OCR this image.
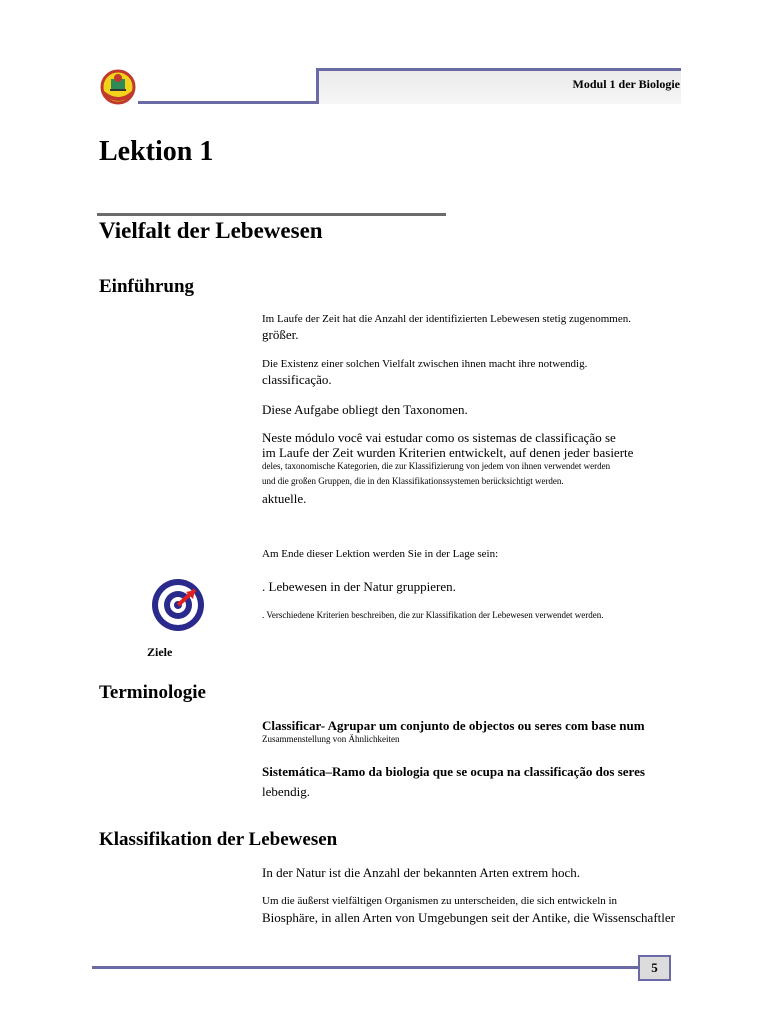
Modul 1 der Biologie
Lektion 1
Vielfalt der Lebewesen
Einführung
Im Laufe der Zeit hat die Anzahl der identifizierten Lebewesen stetig zugenommen.
größer.
Die Existenz einer solchen Vielfalt zwischen ihnen macht ihre notwendig.
classificação.
Diese Aufgabe obliegt den Taxonomen.
Neste módulo você vai estudar como os sistemas de classificação se
im Laufe der Zeit wurden Kriterien entwickelt, auf denen jeder basierte
deles, taxonomische Kategorien, die zur Klassifizierung von jedem von ihnen verwendet werden
und die großen Gruppen, die in den Klassifikationssystemen berücksichtigt werden.
aktuelle.
Am Ende dieser Lektion werden Sie in der Lage sein:
. Lebewesen in der Natur gruppieren.
. Verschiedene Kriterien beschreiben, die zur Klassifikation der Lebewesen verwendet werden.
Ziele
Terminologie
Classificar- Agrupar um conjunto de objectos ou seres com base num
Zusammenstellung von Ähnlichkeiten
Sistemática–Ramo da biologia que se ocupa na classificação dos seres
lebendig.
Klassifikation der Lebewesen
In der Natur ist die Anzahl der bekannten Arten extrem hoch.
Um die äußerst vielfältigen Organismen zu unterscheiden, die sich entwickeln in
Biosphäre, in allen Arten von Umgebungen seit der Antike, die Wissenschaftler
5
